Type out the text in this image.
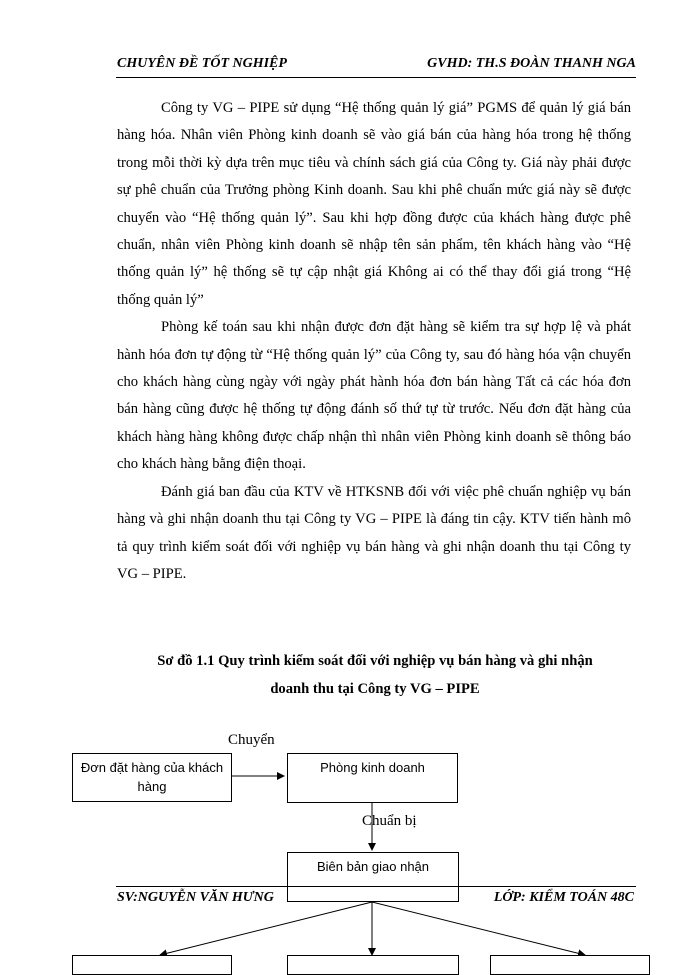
CHUYÊN ĐỀ TỐT NGHIỆP	GVHD: TH.S ĐOÀN THANH NGA

Công ty VG – PIPE sử dụng “Hệ thống quản lý giá” PGMS để quản lý giá bán hàng hóa. Nhân viên Phòng kinh doanh sẽ vào giá bán của hàng hóa trong hệ thống trong mỗi thời kỳ dựa trên mục tiêu và chính sách giá của Công ty. Giá này phải được sự phê chuẩn của Trưởng phòng Kinh doanh. Sau khi phê chuẩn mức giá này sẽ được chuyển vào “Hệ thống quản lý”. Sau khi hợp đồng được của khách hàng được phê chuẩn, nhân viên Phòng kinh doanh sẽ nhập tên sản phẩm, tên khách hàng vào “Hệ thống quản lý” hệ thống sẽ tự cập nhật giá Không ai có thể thay đổi giá trong “Hệ thống quản lý”

Phòng kế toán sau khi nhận được đơn đặt hàng sẽ kiểm tra sự hợp lệ và phát hành hóa đơn tự động từ “Hệ thống quản lý” của Công ty, sau đó hàng hóa vận chuyển cho khách hàng cùng ngày với ngày phát hành hóa đơn bán hàng Tất cả các hóa đơn bán hàng cũng được hệ thống tự động đánh số thứ tự từ trước. Nếu đơn đặt hàng của khách hàng hàng không được chấp nhận thì nhân viên Phòng kinh doanh sẽ thông báo cho khách hàng bằng điện thoại.

Đánh giá ban đầu của KTV về HTKSNB đối với việc phê chuẩn nghiệp vụ bán hàng và ghi nhận doanh thu tại Công ty VG – PIPE là đáng tin cậy. KTV tiến hành mô tả quy trình kiểm soát đối với nghiệp vụ bán hàng và ghi nhận doanh thu tại Công ty VG – PIPE.

Sơ đồ 1.1 Quy trình kiểm soát đối với nghiệp vụ bán hàng và ghi nhận
doanh thu tại Công ty VG – PIPE
Chuyển
Đơn đặt hàng của khách hàng
Phòng kinh doanh
Chuẩn bị
Biên bản giao nhận
SV:NGUYỄN VĂN HƯNG	LỚP: KIỂM TOÁN 48C
